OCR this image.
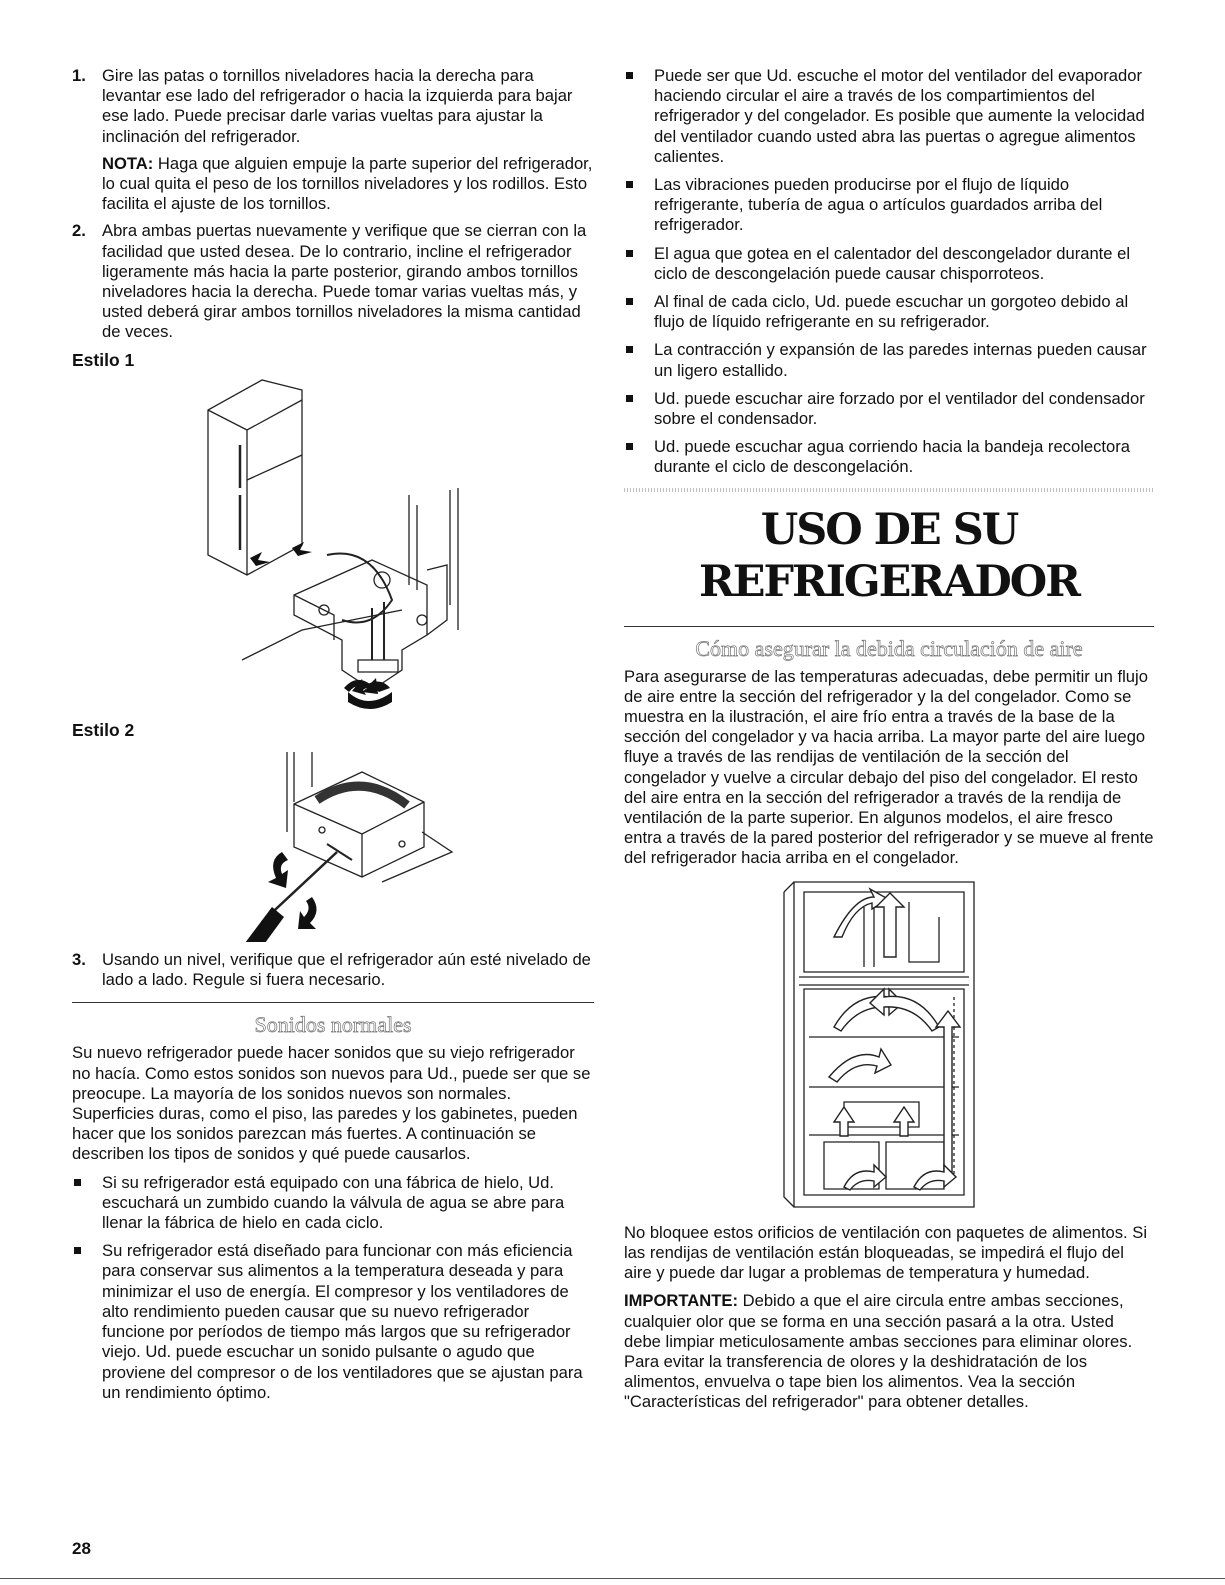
1. Gire las patas o tornillos niveladores hacia la derecha para levantar ese lado del refrigerador o hacia la izquierda para bajar ese lado. Puede precisar darle varias vueltas para ajustar la inclinación del refrigerador.

NOTA: Haga que alguien empuje la parte superior del refrigerador, lo cual quita el peso de los tornillos niveladores y los rodillos. Esto facilita el ajuste de los tornillos.

2. Abra ambas puertas nuevamente y verifique que se cierran con la facilidad que usted desea. De lo contrario, incline el refrigerador ligeramente más hacia la parte posterior, girando ambos tornillos niveladores hacia la derecha. Puede tomar varias vueltas más, y usted deberá girar ambos tornillos niveladores la misma cantidad de veces.

Estilo 1
Estilo 2
3. Usando un nivel, verifique que el refrigerador aún esté nivelado de lado a lado. Regule si fuera necesario.

Sonidos normales

Su nuevo refrigerador puede hacer sonidos que su viejo refrigerador no hacía. Como estos sonidos son nuevos para Ud., puede ser que se preocupe. La mayoría de los sonidos nuevos son normales. Superficies duras, como el piso, las paredes y los gabinetes, pueden hacer que los sonidos parezcan más fuertes. A continuación se describen los tipos de sonidos y qué puede causarlos.

Si su refrigerador está equipado con una fábrica de hielo, Ud. escuchará un zumbido cuando la válvula de agua se abre para llenar la fábrica de hielo en cada ciclo.
Su refrigerador está diseñado para funcionar con más eficiencia para conservar sus alimentos a la temperatura deseada y para minimizar el uso de energía. El compresor y los ventiladores de alto rendimiento pueden causar que su nuevo refrigerador funcione por períodos de tiempo más largos que su refrigerador viejo. Ud. puede escuchar un sonido pulsante o agudo que proviene del compresor o de los ventiladores que se ajustan para un rendimiento óptimo.
Puede ser que Ud. escuche el motor del ventilador del evaporador haciendo circular el aire a través de los compartimientos del refrigerador y del congelador. Es posible que aumente la velocidad del ventilador cuando usted abra las puertas o agregue alimentos calientes.
Las vibraciones pueden producirse por el flujo de líquido refrigerante, tubería de agua o artículos guardados arriba del refrigerador.
El agua que gotea en el calentador del descongelador durante el ciclo de descongelación puede causar chisporroteos.
Al final de cada ciclo, Ud. puede escuchar un gorgoteo debido al flujo de líquido refrigerante en su refrigerador.
La contracción y expansión de las paredes internas pueden causar un ligero estallido.
Ud. puede escuchar aire forzado por el ventilador del condensador sobre el condensador.
Ud. puede escuchar agua corriendo hacia la bandeja recolectora durante el ciclo de descongelación.
USO DE SU REFRIGERADOR
Cómo asegurar la debida circulación de aire

Para asegurarse de las temperaturas adecuadas, debe permitir un flujo de aire entre la sección del refrigerador y la del congelador. Como se muestra en la ilustración, el aire frío entra a través de la base de la sección del congelador y va hacia arriba. La mayor parte del aire luego fluye a través de las rendijas de ventilación de la sección del congelador y vuelve a circular debajo del piso del congelador. El resto del aire entra en la sección del refrigerador a través de la rendija de ventilación de la parte superior. En algunos modelos, el aire fresco entra a través de la pared posterior del refrigerador y se mueve al frente del refrigerador hacia arriba en el congelador.

No bloquee estos orificios de ventilación con paquetes de alimentos. Si las rendijas de ventilación están bloqueadas, se impedirá el flujo del aire y puede dar lugar a problemas de temperatura y humedad.

IMPORTANTE: Debido a que el aire circula entre ambas secciones, cualquier olor que se forma en una sección pasará a la otra. Usted debe limpiar meticulosamente ambas secciones para eliminar olores. Para evitar la transferencia de olores y la deshidratación de los alimentos, envuelva o tape bien los alimentos. Vea la sección "Características del refrigerador" para obtener detalles.

28
